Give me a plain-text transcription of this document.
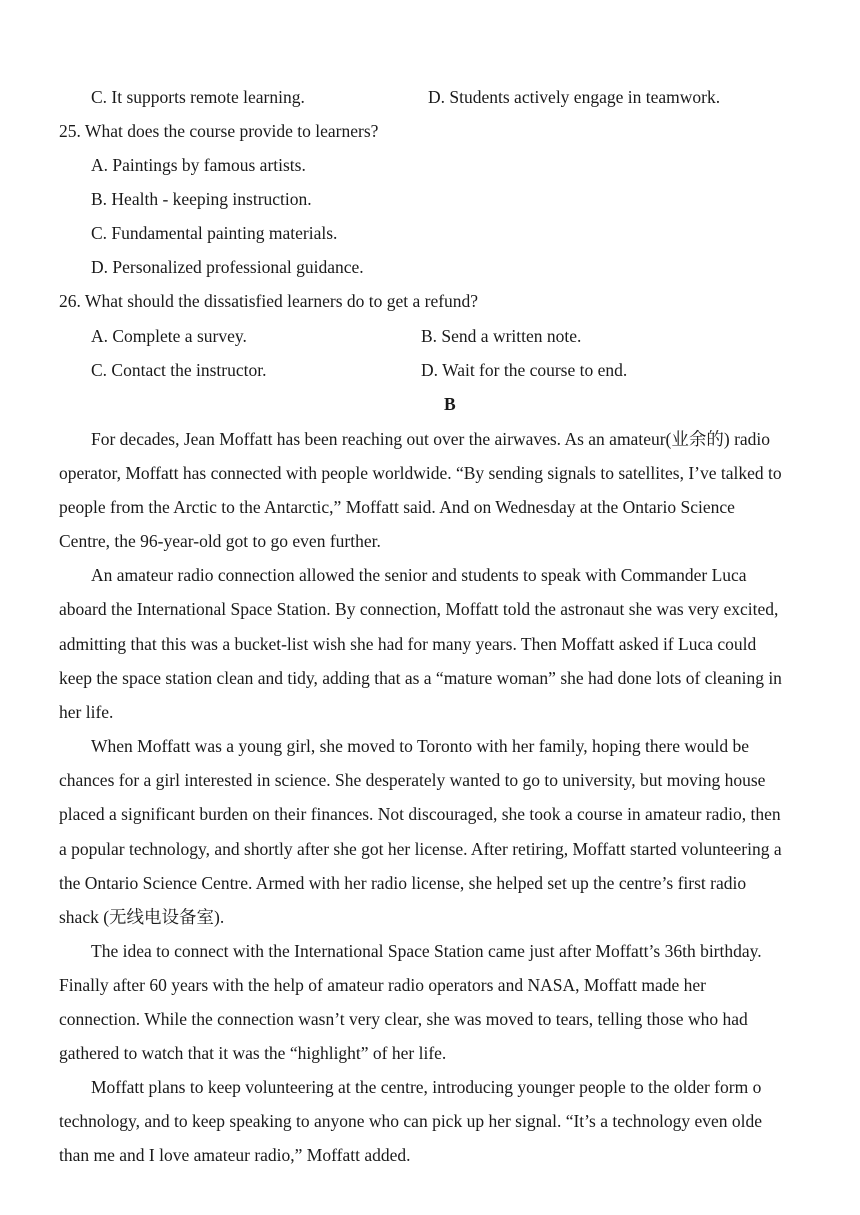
C. It supports remote learning.	D. Students actively engage in teamwork.
25. What does the course provide to learners?
A. Paintings by famous artists.
B. Health - keeping instruction.
C. Fundamental painting materials.
D. Personalized professional guidance.
26. What should the dissatisfied learners do to get a refund?
A. Complete a survey.	B. Send a written note.
C. Contact the instructor.	D. Wait for the course to end.
B
For decades, Jean Moffatt has been reaching out over the airwaves. As an amateur(业余的) radio
operator, Moffatt has connected with people worldwide. “By sending signals to satellites, I’ve talked to
people from the Arctic to the Antarctic,” Moffatt said. And on Wednesday at the Ontario Science
Centre, the 96-year-old got to go even further.
An amateur radio connection allowed the senior and students to speak with Commander Luca
aboard the International Space Station. By connection, Moffatt told the astronaut she was very excited,
admitting that this was a bucket-list wish she had for many years. Then Moffatt asked if Luca could
keep the space station clean and tidy, adding that as a “mature woman” she had done lots of cleaning in
her life.
When Moffatt was a young girl, she moved to Toronto with her family, hoping there would be
chances for a girl interested in science. She desperately wanted to go to university, but moving house
placed a significant burden on their finances. Not discouraged, she took a course in amateur radio, then
a popular technology, and shortly after she got her license. After retiring, Moffatt started volunteering a
the Ontario Science Centre. Armed with her radio license, she helped set up the centre’s first radio
shack (无线电设备室).
The idea to connect with the International Space Station came just after Moffatt’s 36th birthday.
Finally after 60 years with the help of amateur radio operators and NASA, Moffatt made her
connection. While the connection wasn’t very clear, she was moved to tears, telling those who had
gathered to watch that it was the “highlight” of her life.
Moffatt plans to keep volunteering at the centre, introducing younger people to the older form o
technology, and to keep speaking to anyone who can pick up her signal. “It’s a technology even olde
than me and I love amateur radio,” Moffatt added.
